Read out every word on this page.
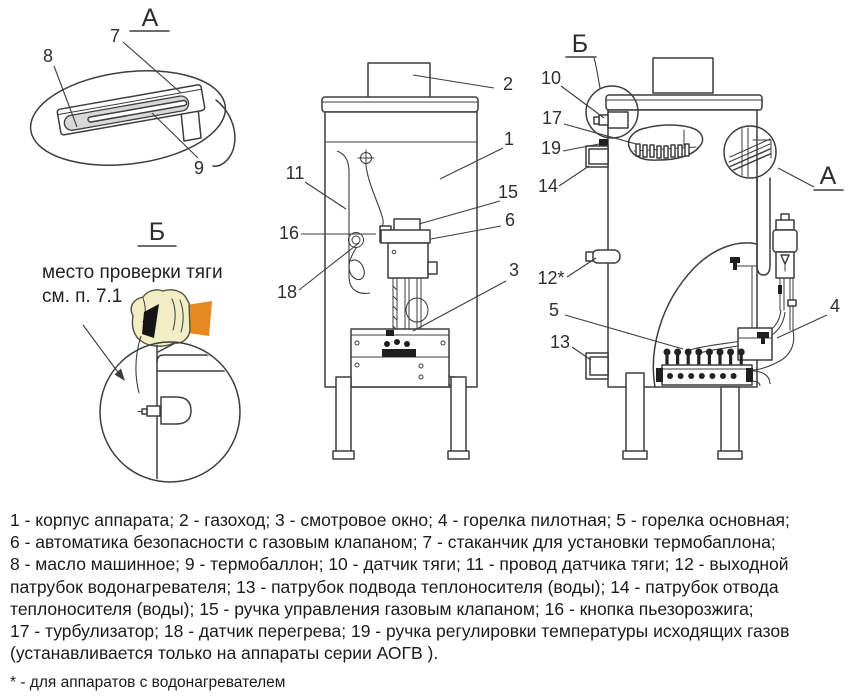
А
7
8
9
Б
место проверки тяги
см. п. 7.1
2
1
15
6
3
11
16
18
Б
А
10
17
19
14
12*
5
13
4
1 - корпус аппарата; 2 - газоход; 3 - смотровое окно; 4 - горелка пилотная; 5 - горелка основная;
6 - автоматика безопасности с газовым клапаном; 7 - стаканчик для установки термобаплона;
8 - масло машинное; 9 - термобаллон; 10 - датчик тяги; 11 - провод датчика тяги; 12 - выходной
патрубок водонагревателя; 13 - патрубок подвода теплоносителя (воды); 14 - патрубок отвода
теплоносителя (воды); 15 - ручка управления газовым клапаном; 16 - кнопка пьезорозжига;
17 - турбулизатор; 18 - датчик перегрева; 19 - ручка регулировки температуры исходящих газов
(устанавливается только на аппараты серии АОГВ ).
* - для аппаратов с водонагревателем
